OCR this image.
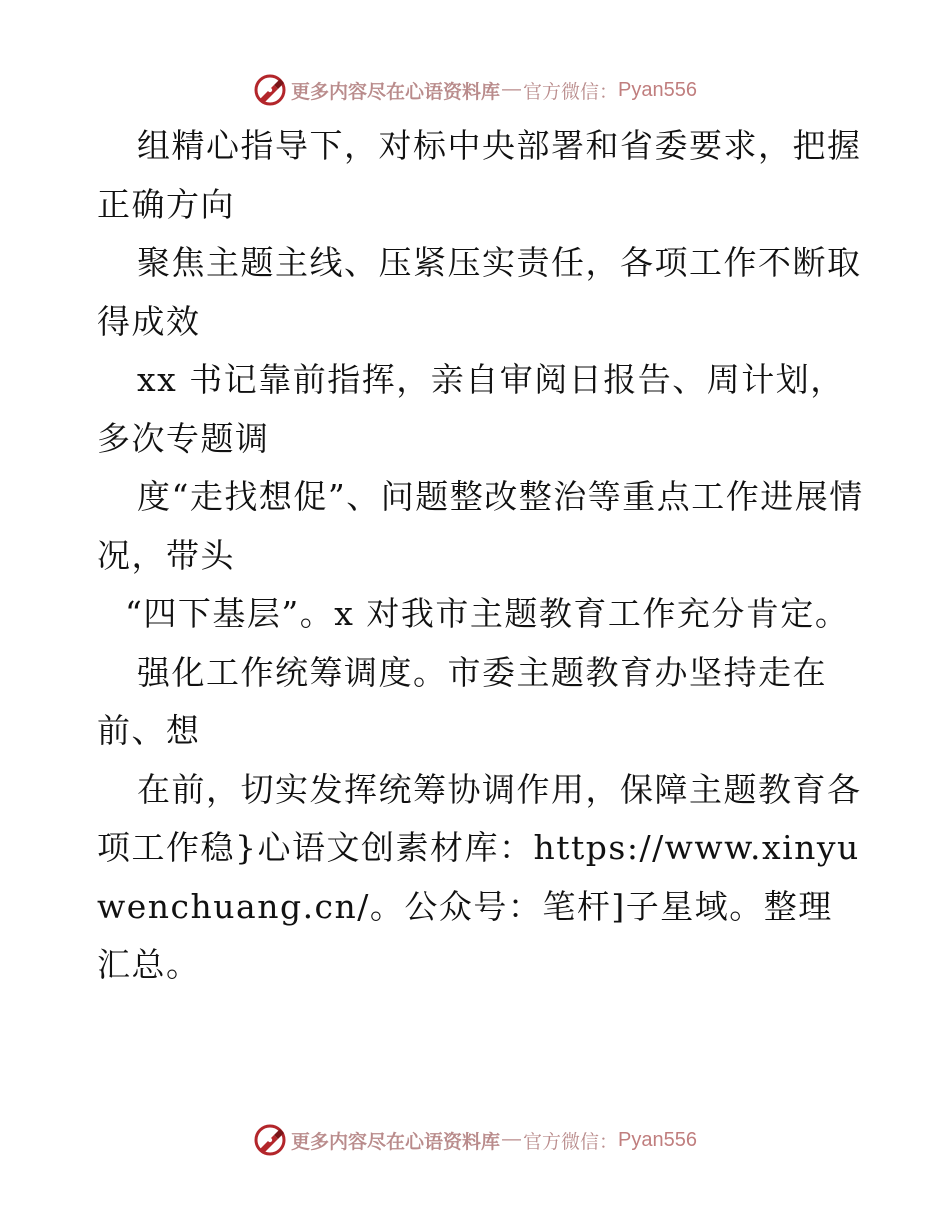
更多内容尽在心语资料库 — 官方微信： Pyan556

组精心指导下，对标中央部署和省委要求，把握正确方向

聚焦主题主线、压紧压实责任，各项工作不断取得成效

xx 书记靠前指挥，亲自审阅日报告、周计划，多次专题调

度“走找想促”、问题整改整治等重点工作进展情况，带头

“四下基层”。x 对我市主题教育工作充分肯定。

强化工作统筹调度。市委主题教育办坚持走在前、想

在前，切实发挥统筹协调作用，保障主题教育各项工作稳}心语文创素材库：https://www.xinyuwenchuang.cn/。公众号：笔杆]子星域。整理汇总。

更多内容尽在心语资料库 — 官方微信： Pyan556
